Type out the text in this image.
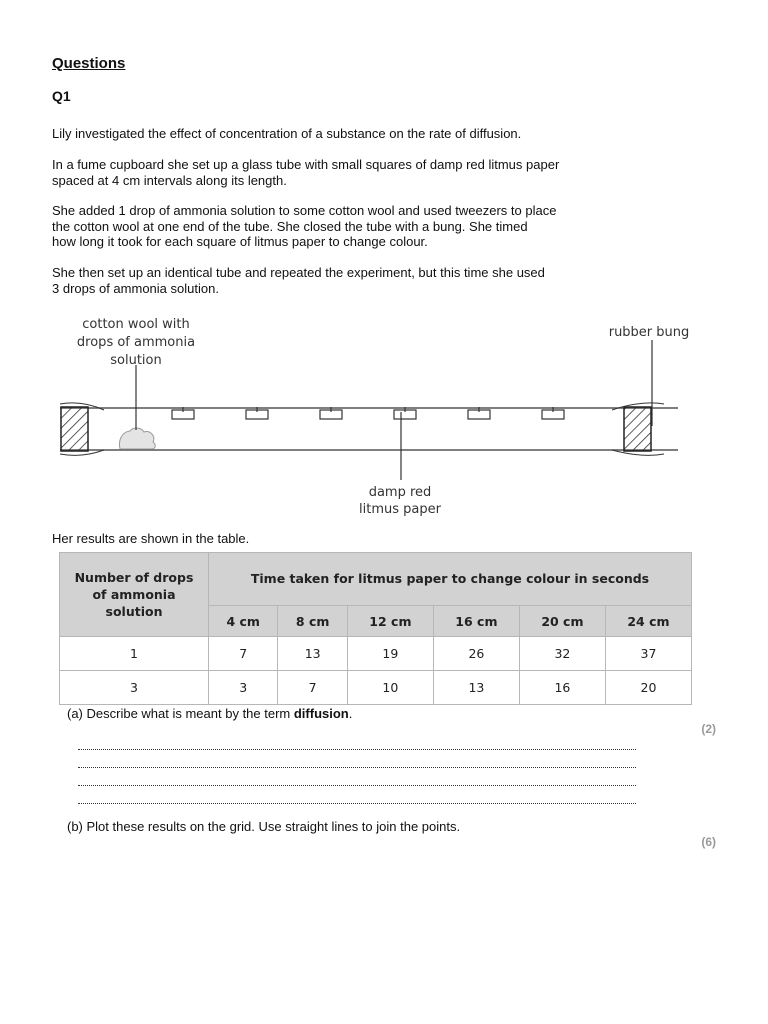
Questions
Q1
Lily investigated the effect of concentration of a substance on the rate of diffusion.
In a fume cupboard she set up a glass tube with small squares of damp red litmus paper
spaced at 4 cm intervals along its length.
She added 1 drop of ammonia solution to some cotton wool and used tweezers to place
the cotton wool at one end of the tube. She closed the tube with a bung. She timed
how long it took for each square of litmus paper to change colour.
She then set up an identical tube and repeated the experiment, but this time she used
3 drops of ammonia solution.
cotton wool with
drops of ammonia
solution
rubber bung
damp red
litmus paper
Her results are shown in the table.
Number of drops of ammonia solution	Time taken for litmus paper to change colour in seconds					
	4 cm	8 cm	12 cm	16 cm	20 cm	24 cm
1	7	13	19	26	32	37
3	3	7	10	13	16	20
(a) Describe what is meant by the term diffusion.
(2)
(b) Plot these results on the grid. Use straight lines to join the points.
(6)
